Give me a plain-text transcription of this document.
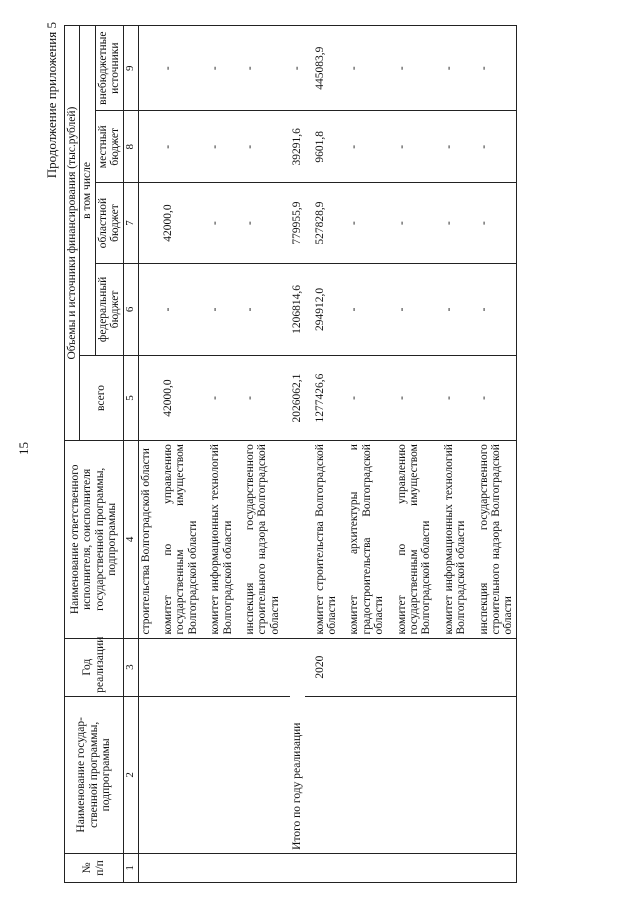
15
Продолжение приложения 5
№ п/п	Наименование государ-ственной программы, подпрограммы	Год реализации	Наименование ответственного исполнителя, соисполнителя государственной программы, подпрограммы	Объемы и источники финансирования (тыс.рублей)				
				всего	в том числе			
					федеральный бюджет	областной бюджет	местный бюджет	внебюджетные источники
1	2	3	4	5	6	7	8	9
			строительства Волгоградской области					

			комитет по управлению государственным имуществом Волгоградской области	42000,0	-	42000,0	-	-

			комитет информационных технологий Волгоградской области	-	-	-	-	-

			инспекция государственного строительного надзора Волгоградской области	-	-	-	-	-

	Итого по году реализации			2026062,1	1206814,6	779955,9	39291,6	-

		2020	комитет строительства Волгоградской области	1277426,6	294912,0	527828,9	9601,8	445083,9

			комитет архитектуры и градостроительства Волгоградской области	-	-	-	-	-

			комитет по управлению государственным имуществом Волгоградской области	-	-	-	-	-

			комитет информационных технологий Волгоградской области	-	-	-	-	-

			инспекция государственного строительного надзора Волгоградской области	-	-	-	-	-
